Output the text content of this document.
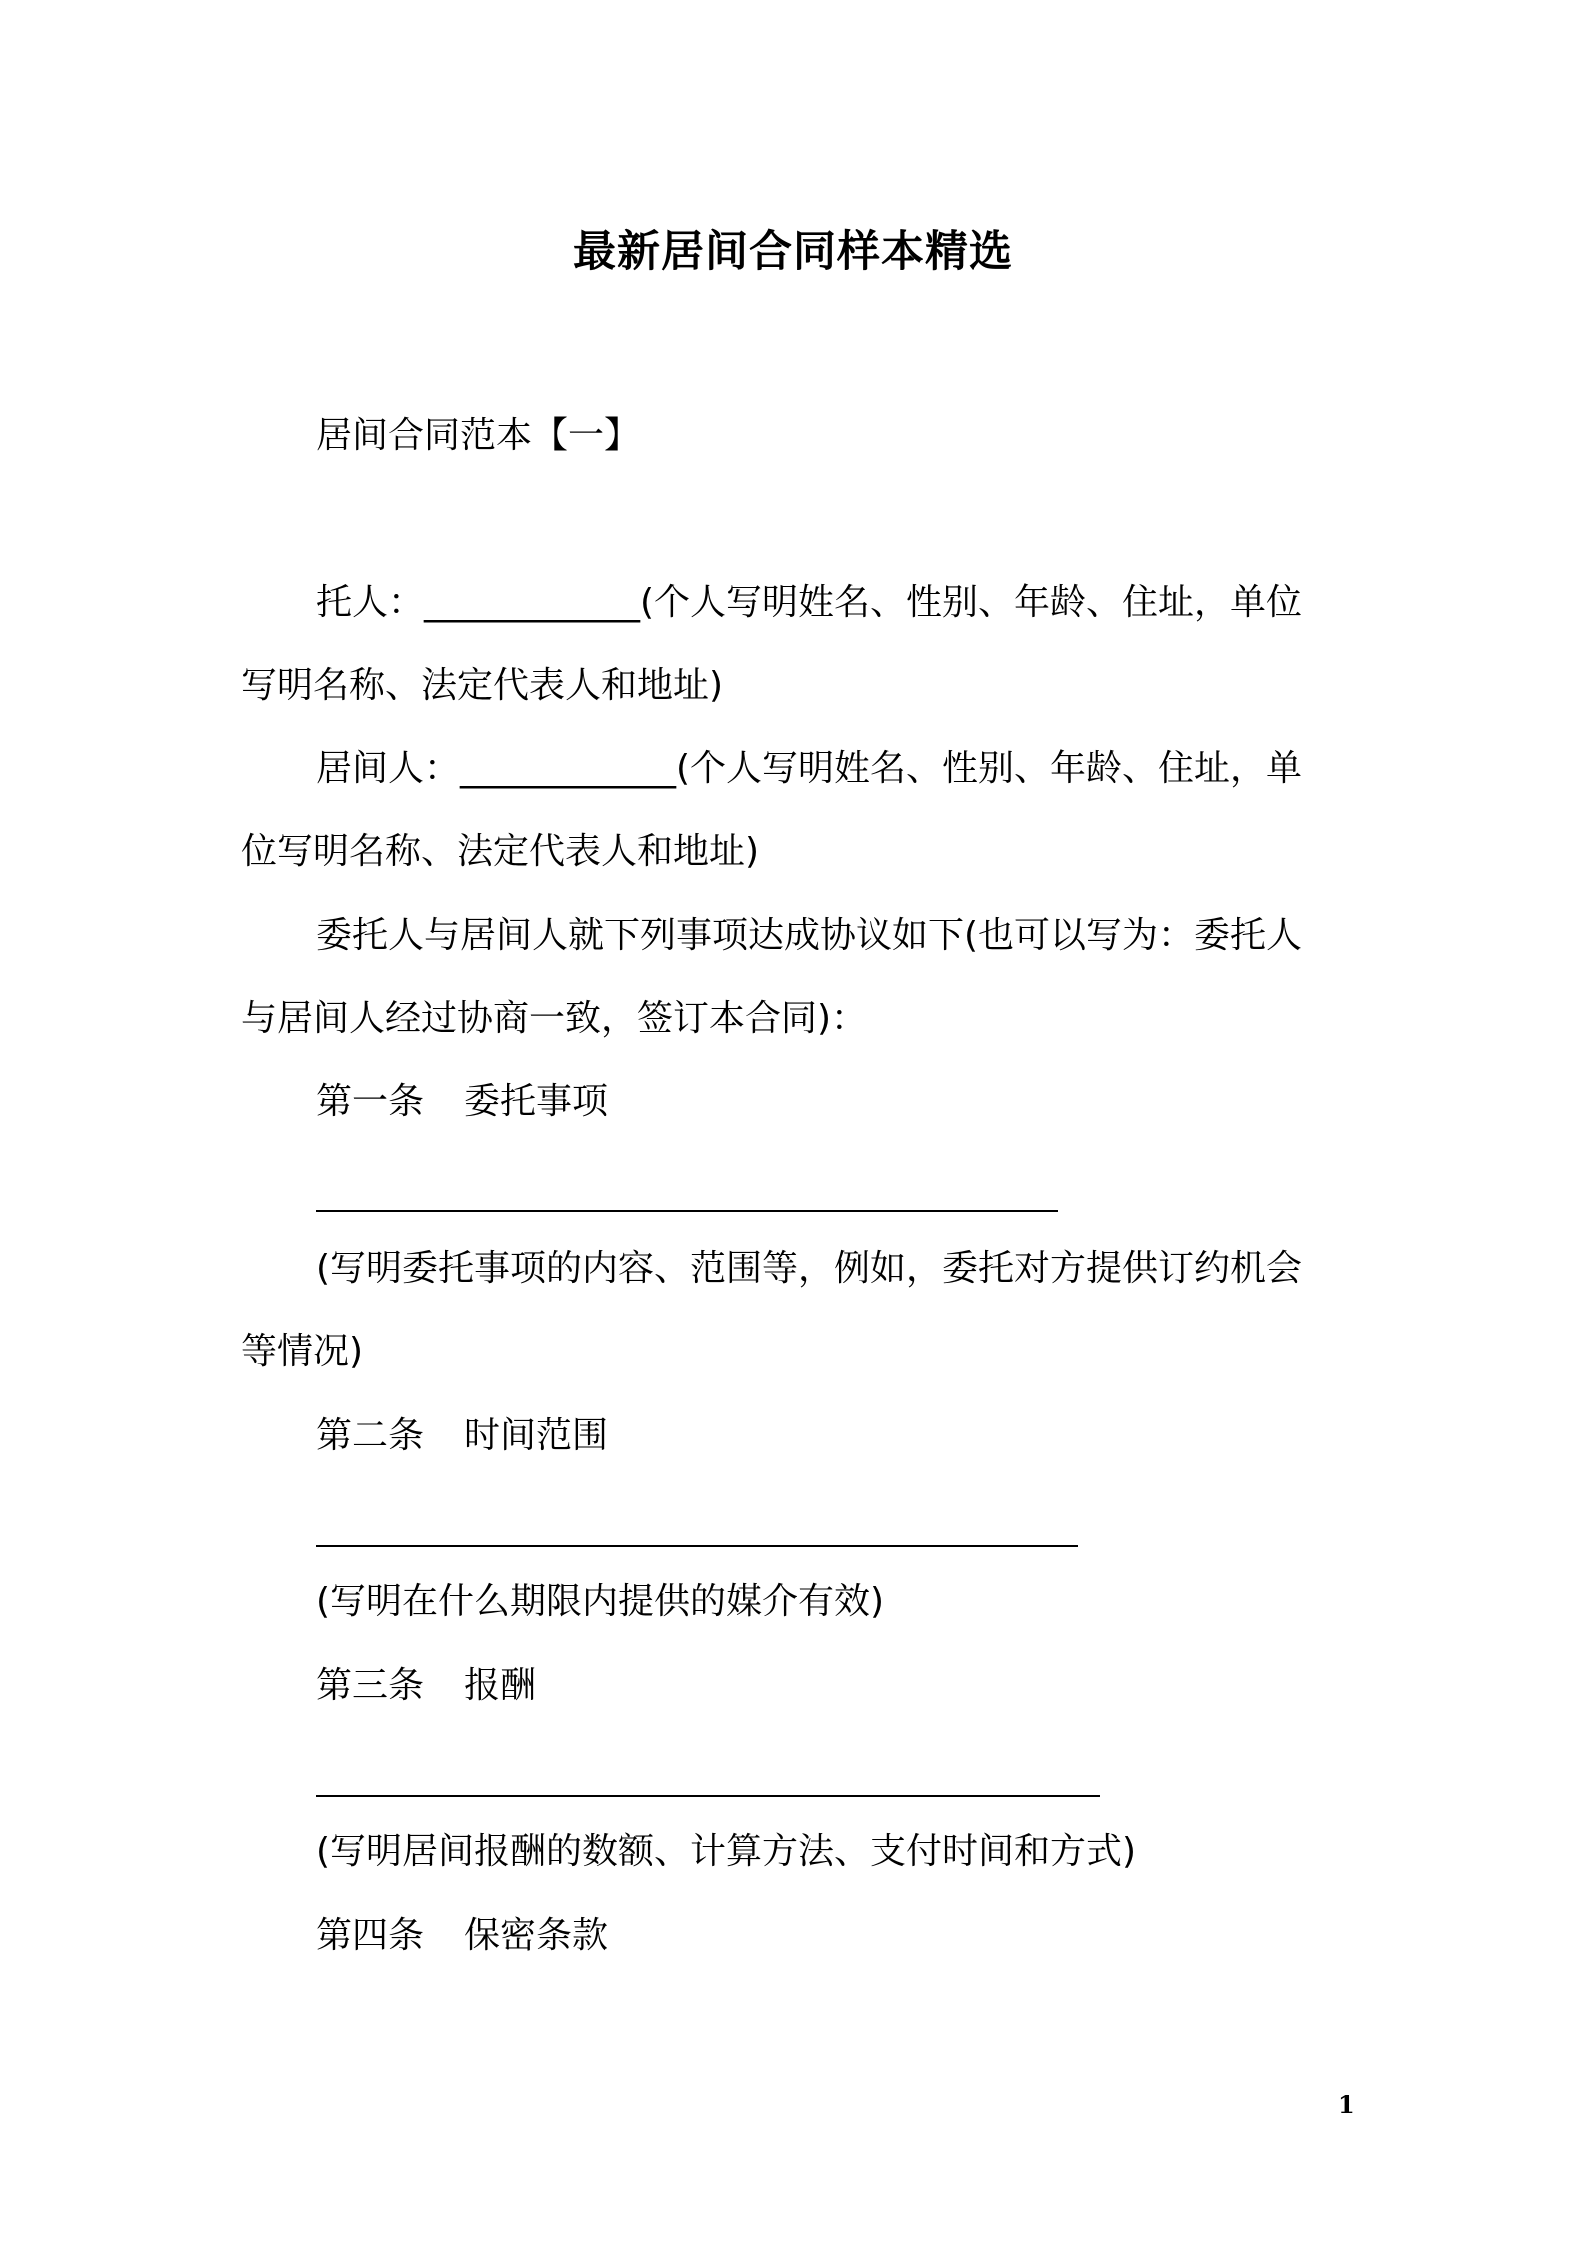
最新居间合同样本精选
居间合同范本【一】
托人：____________(个人写明姓名、性别、年龄、住址，单位
写明名称、法定代表人和地址)
居间人：____________(个人写明姓名、性别、年龄、住址，单
位写明名称、法定代表人和地址)
委托人与居间人就下列事项达成协议如下(也可以写为：委托人
与居间人经过协商一致，签订本合同)：
第一条 委托事项
(写明委托事项的内容、范围等，例如，委托对方提供订约机会
等情况)
第二条 时间范围
(写明在什么期限内提供的媒介有效)
第三条 报酬
(写明居间报酬的数额、计算方法、支付时间和方式)
第四条 保密条款
1
